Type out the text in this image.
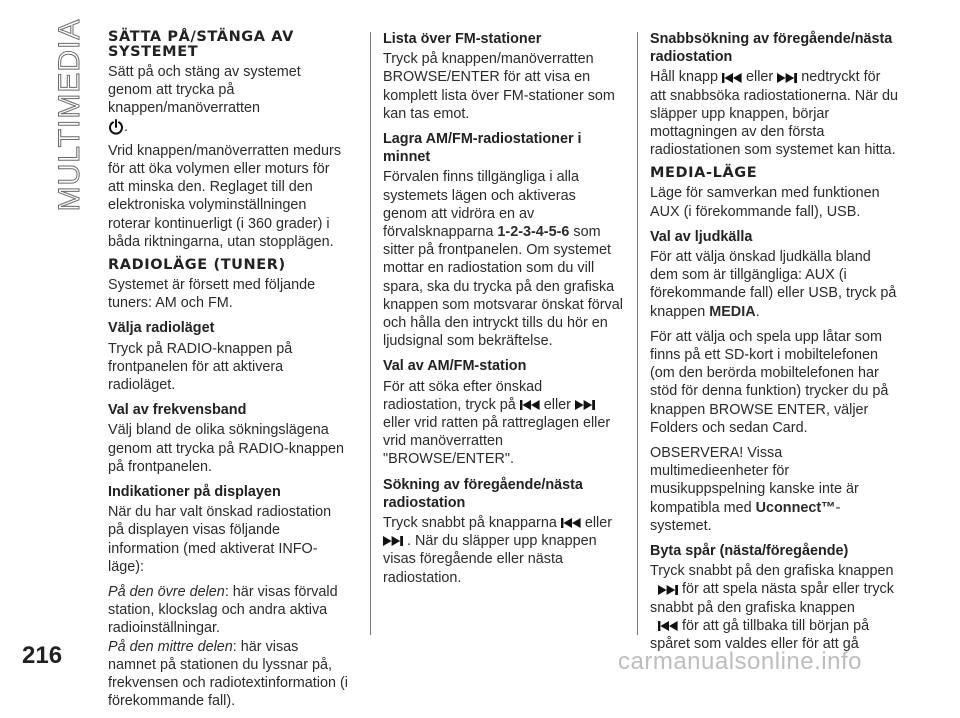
MULTIMEDIA SÄTTA PÅ/STÄNGA AV SYSTEMET

Sätt på och stäng av systemet genom att trycka på knappen/manöverratten
.

Vrid knappen/manöverratten medurs för att öka volymen eller moturs för att minska den. Reglaget till den elektroniska volyminställningen roterar kontinuerligt (i 360 grader) i båda riktningarna, utan stopplägen.

RADIOLÄGE (TUNER)

Systemet är försett med följande tuners: AM och FM.

Välja radioläget

Tryck på RADIO-knappen på frontpanelen för att aktivera radioläget.

Val av frekvensband

Välj bland de olika sökningslägena genom att trycka på RADIO-knappen på frontpanelen.

Indikationer på displayen

När du har valt önskad radiostation på displayen visas följande information (med aktiverat INFO-läge):

På den övre delen: här visas förvald station, klockslag och andra aktiva radioinställningar.

På den mittre delen: här visas namnet på stationen du lyssnar på, frekvensen och radiotextinformation (i förekommande fall).

Lista över FM-stationer

Tryck på knappen/manöverratten BROWSE/ENTER för att visa en komplett lista över FM-stationer som kan tas emot.

Lagra AM/FM-radiostationer i minnet

Förvalen finns tillgängliga i alla systemets lägen och aktiveras genom att vidröra en av förvalsknapparna 1-2-3-4-5-6 som sitter på frontpanelen. Om systemet mottar en radiostation som du vill spara, ska du trycka på den grafiska knappen som motsvarar önskat förval och hålla den intryckt tills du hör en ljudsignal som bekräftelse.

Val av AM/FM-station

För att söka efter önskad radiostation, tryck på eller  eller vrid ratten på rattreglagen eller vrid manöverratten "BROWSE/ENTER".

Sökning av föregående/nästa radiostation

Tryck snabbt på knapparna eller
. När du släpper upp knappen visas föregående eller nästa radiostation.

Snabbsökning av föregående/nästa radiostation

Håll knapp eller nedtryckt för att snabbsöka radiostationerna. När du släpper upp knappen, börjar mottagningen av den första radiostationen som systemet kan hitta.

MEDIA-LÄGE

Läge för samverkan med funktionen AUX (i förekommande fall), USB.

Val av ljudkälla

För att välja önskad ljudkälla bland dem som är tillgängliga: AUX (i förekommande fall) eller USB, tryck på knappen MEDIA.

För att välja och spela upp låtar som finns på ett SD-kort i mobiltelefonen (om den berörda mobiltelefonen har stöd för denna funktion) trycker du på knappen BROWSE ENTER, väljer Folders och sedan Card.

OBSERVERA! Vissa multimedieenheter för musikuppspelning kanske inte är kompatibla med Uconnect™-systemet.

Byta spår (nästa/föregående)

Tryck snabbt på den grafiska knappen
för att spela nästa spår eller tryck snabbt på den grafiska knappen
för att gå tillbaka till början på spåret som valdes eller för att gå

216	carmanualsonline.info
